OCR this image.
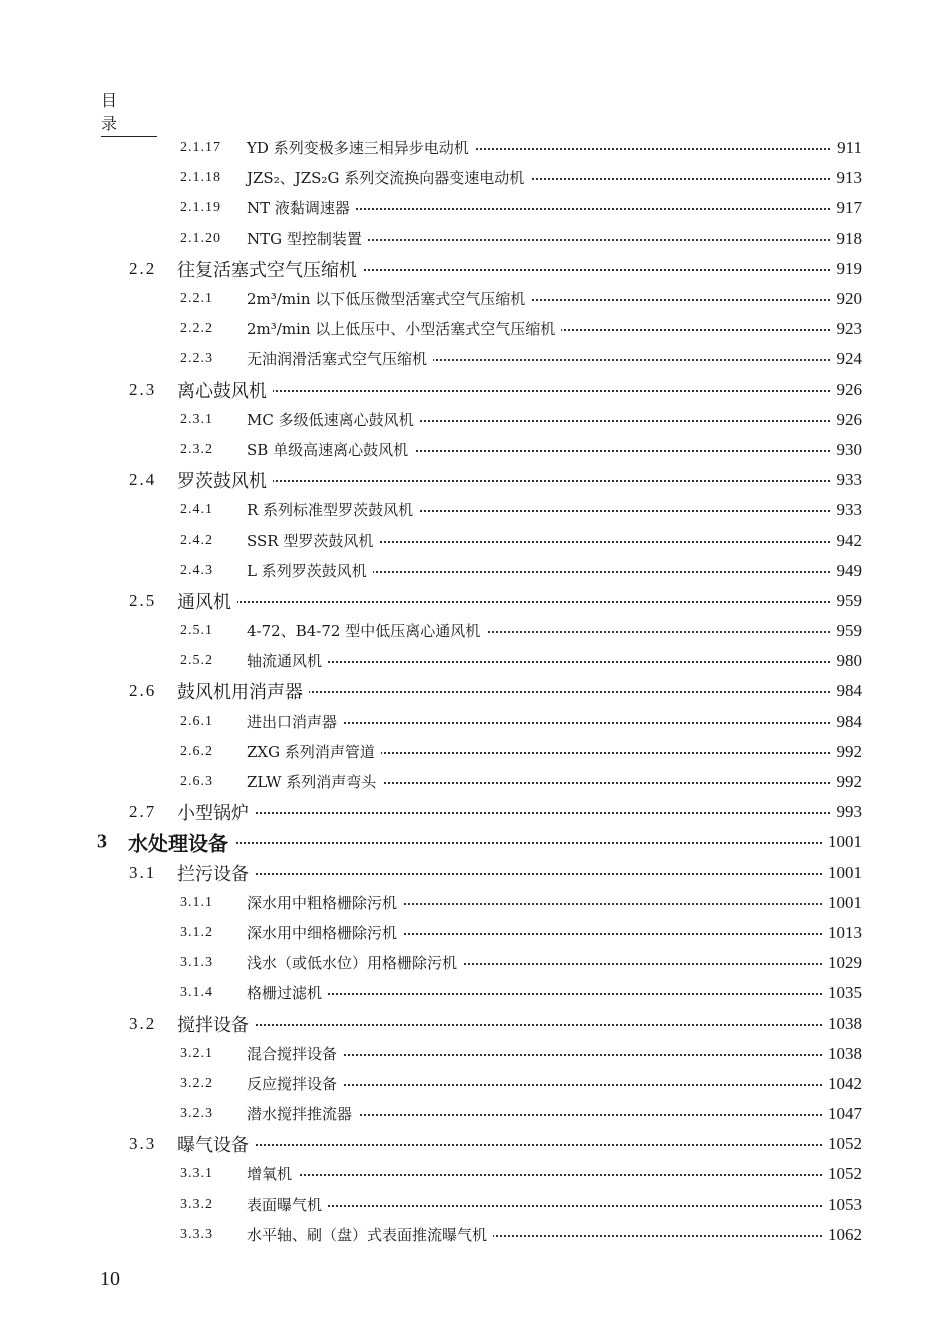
目 录
2.1.17 YD 系列变极多速三相异步电动机	911
2.1.18 JZS₂、JZS₂G 系列交流换向器变速电动机	913
2.1.19 NT 液黏调速器	917
2.1.20 NTG 型控制装置	918
2.2 往复活塞式空气压缩机	919
2.2.1 2m³/min 以下低压微型活塞式空气压缩机	920
2.2.2 2m³/min 以上低压中、小型活塞式空气压缩机	923
2.2.3 无油润滑活塞式空气压缩机	924
2.3 离心鼓风机	926
2.3.1 MC 多级低速离心鼓风机	926
2.3.2 SB 单级高速离心鼓风机	930
2.4 罗茨鼓风机	933
2.4.1 R 系列标准型罗茨鼓风机	933
2.4.2 SSR 型罗茨鼓风机	942
2.4.3 L 系列罗茨鼓风机	949
2.5 通风机	959
2.5.1 4-72、B4-72 型中低压离心通风机	959
2.5.2 轴流通风机	980
2.6 鼓风机用消声器	984
2.6.1 进出口消声器	984
2.6.2 ZXG 系列消声管道	992
2.6.3 ZLW 系列消声弯头	992
2.7 小型锅炉	993
3 水处理设备	1001
3.1 拦污设备	1001
3.1.1 深水用中粗格栅除污机	1001
3.1.2 深水用中细格栅除污机	1013
3.1.3 浅水（或低水位）用格栅除污机	1029
3.1.4 格栅过滤机	1035
3.2 搅拌设备	1038
3.2.1 混合搅拌设备	1038
3.2.2 反应搅拌设备	1042
3.2.3 潜水搅拌推流器	1047
3.3 曝气设备	1052
3.3.1 增氧机	1052
3.3.2 表面曝气机	1053
3.3.3 水平轴、刷（盘）式表面推流曝气机	1062
10
